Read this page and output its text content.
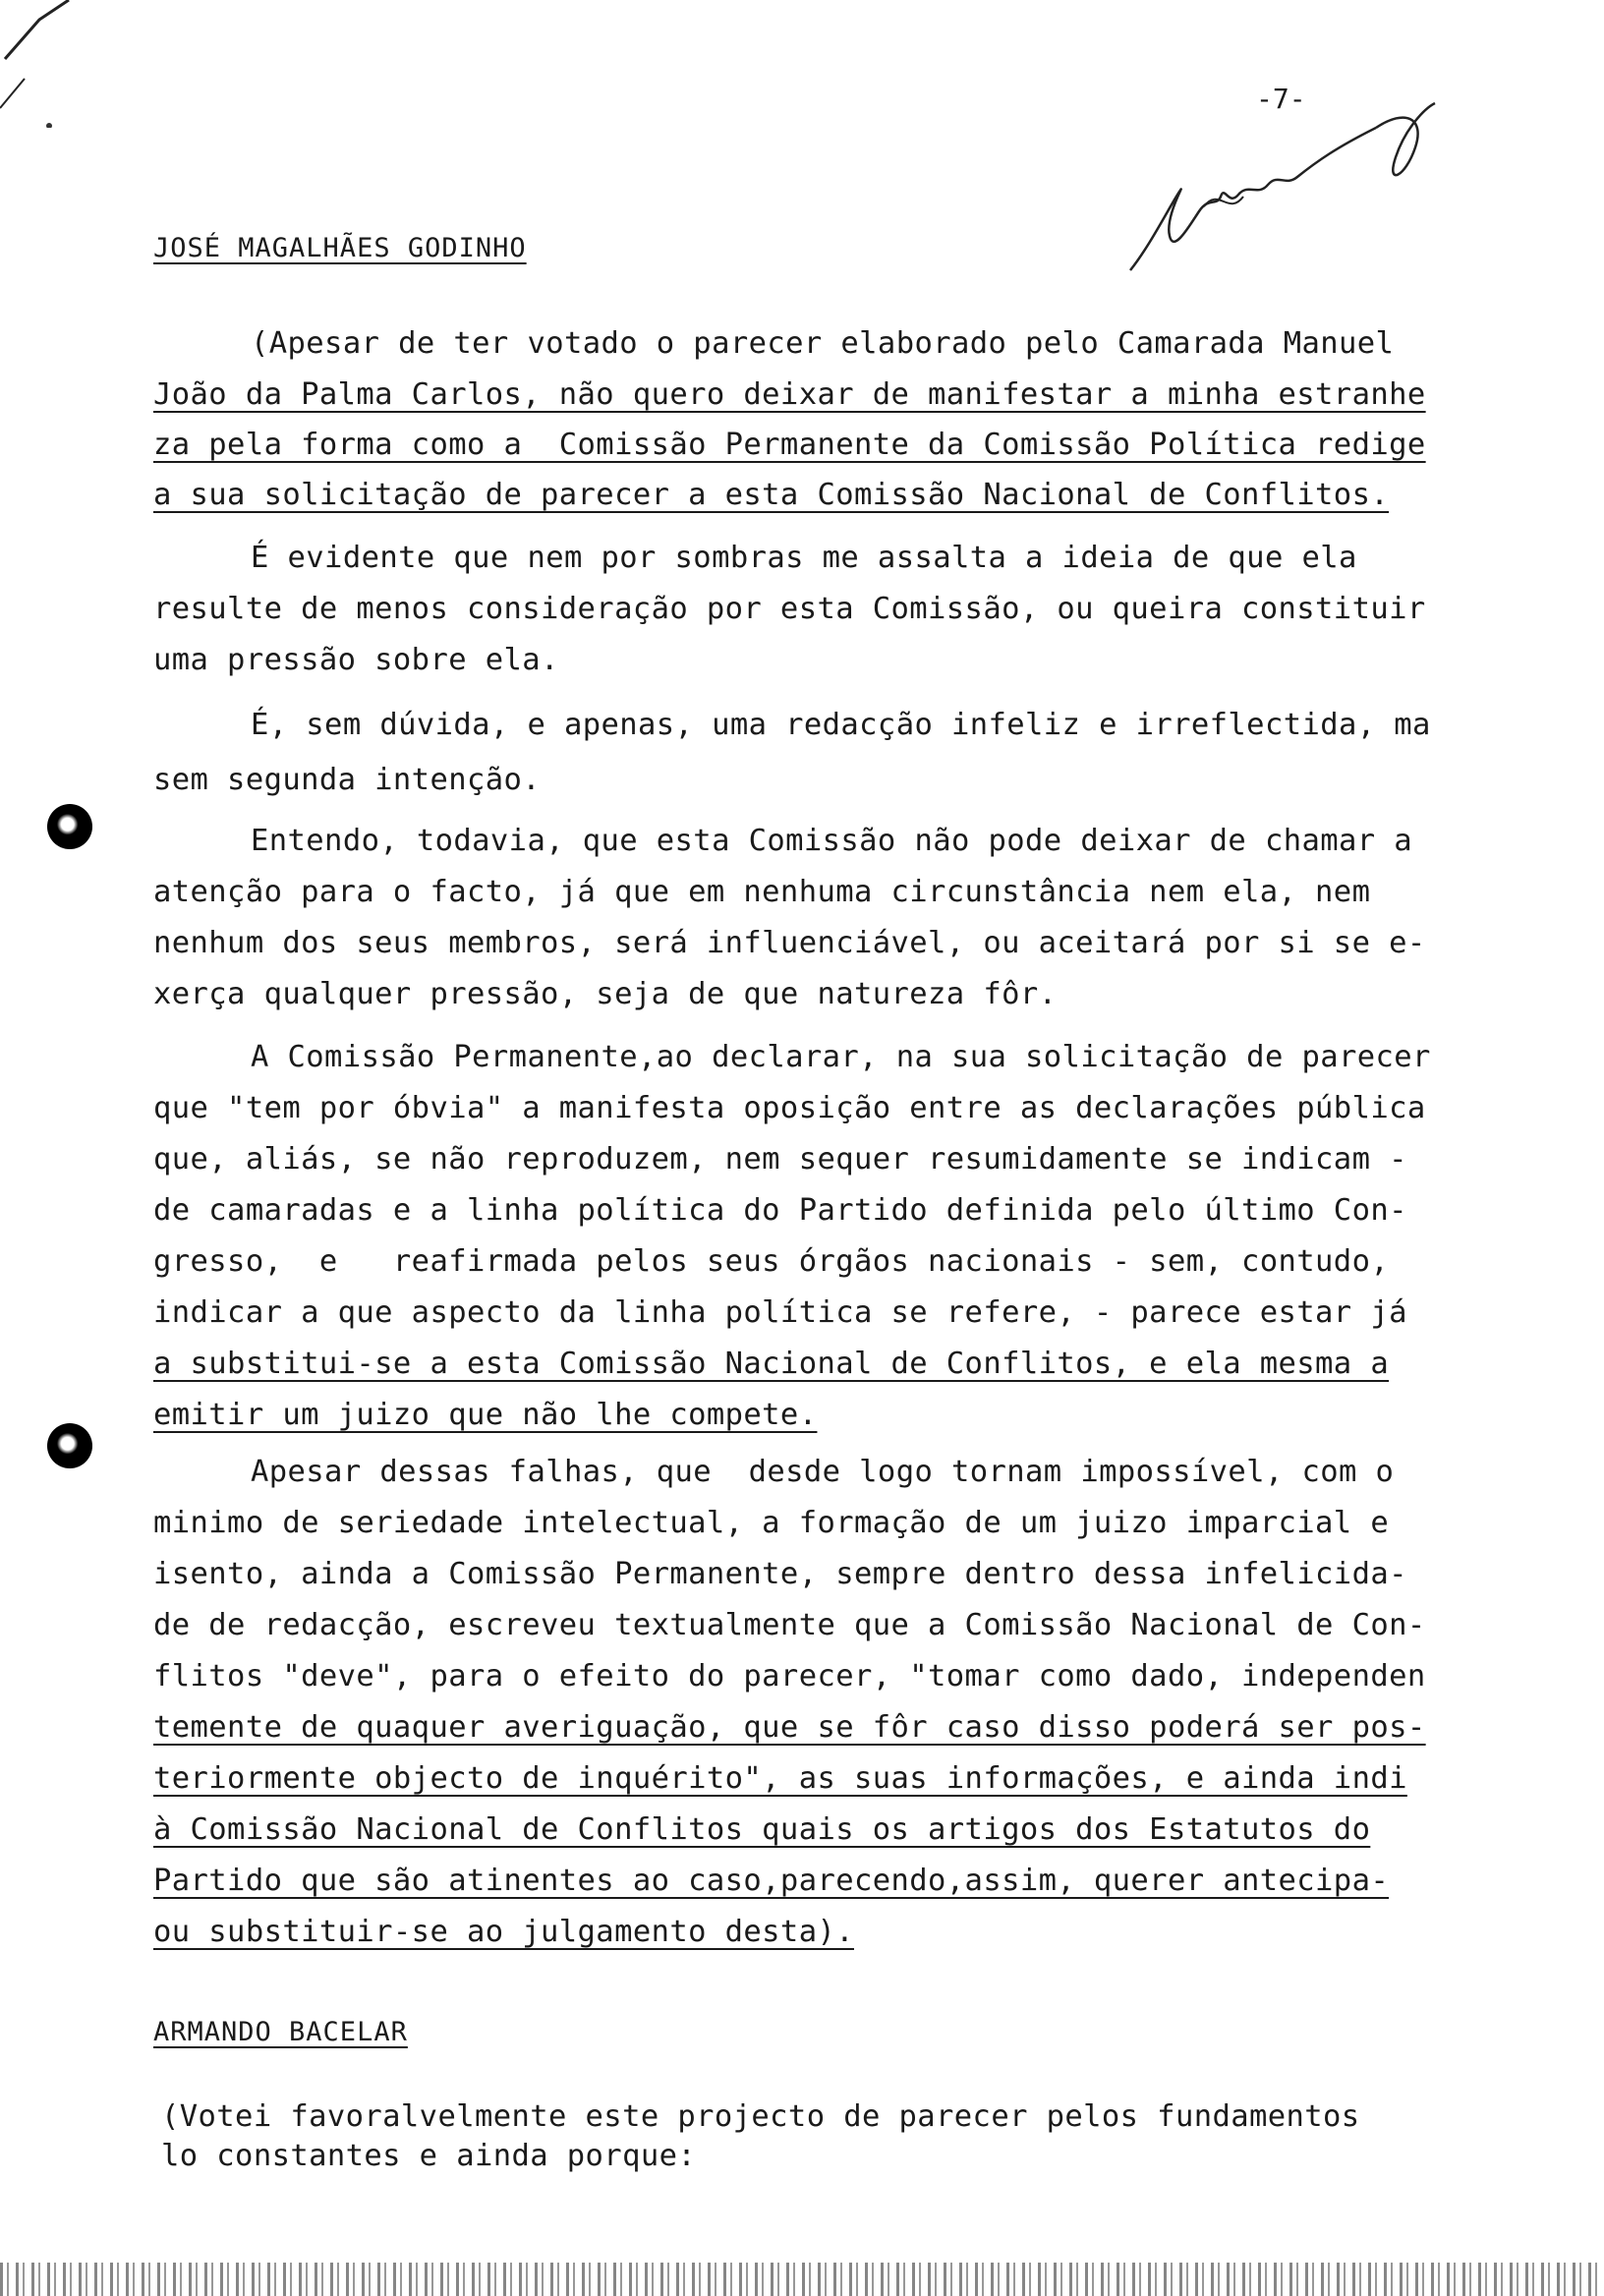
-7-
JOSÉ MAGALHÃES GODINHO
(Apesar de ter votado o parecer elaborado pelo Camarada Manuel
João da Palma Carlos, não quero deixar de manifestar a minha estranhe
za pela forma como a  Comissão Permanente da Comissão Política redige
a sua solicitação de parecer a esta Comissão Nacional de Conflitos.
É evidente que nem por sombras me assalta a ideia de que ela
resulte de menos consideração por esta Comissão, ou queira constituir
uma pressão sobre ela.
É, sem dúvida, e apenas, uma redacção infeliz e irreflectida, ma
sem segunda intenção.
Entendo, todavia, que esta Comissão não pode deixar de chamar a
atenção para o facto, já que em nenhuma circunstância nem ela, nem
nenhum dos seus membros, será influenciável, ou aceitará por si se e-
xerça qualquer pressão, seja de que natureza fôr.
A Comissão Permanente,ao declarar, na sua solicitação de parecer
que "tem por óbvia" a manifesta oposição entre as declarações pública
que, aliás, se não reproduzem, nem sequer resumidamente se indicam -
de camaradas e a linha política do Partido definida pelo último Con-
gresso,  e   reafirmada pelos seus órgãos nacionais - sem, contudo,
indicar a que aspecto da linha política se refere, - parece estar já
a substitui-se a esta Comissão Nacional de Conflitos, e ela mesma a
emitir um juizo que não lhe compete.
Apesar dessas falhas, que  desde logo tornam impossível, com o
minimo de seriedade intelectual, a formação de um juizo imparcial e
isento, ainda a Comissão Permanente, sempre dentro dessa infelicida-
de de redacção, escreveu textualmente que a Comissão Nacional de Con-
flitos "deve", para o efeito do parecer, "tomar como dado, independen
temente de quaquer averiguação, que se fôr caso disso poderá ser pos-
teriormente objecto de inquérito", as suas informações, e ainda indi
à Comissão Nacional de Conflitos quais os artigos dos Estatutos do
Partido que são atinentes ao caso,parecendo,assim, querer antecipa-
ou substituir-se ao julgamento desta).
ARMANDO BACELAR
(Votei favoralvelmente este projecto de parecer pelos fundamentos
lo constantes e ainda porque:
